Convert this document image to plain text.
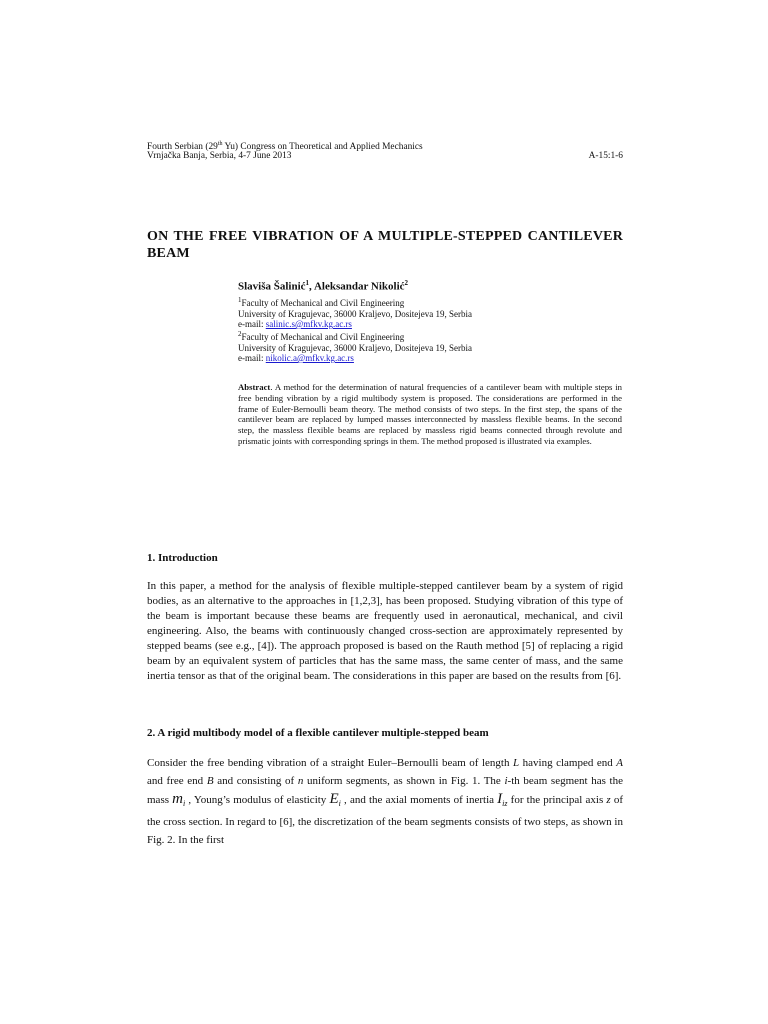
Fourth Serbian (29th Yu) Congress on Theoretical and Applied Mechanics
Vrnjačka Banja, Serbia, 4-7 June 2013	A-15:1-6
ON THE FREE VIBRATION OF A MULTIPLE-STEPPED CANTILEVER BEAM
Slaviša Šalinić$^1$, Aleksandar Nikolić$^2$
$^1$Faculty of Mechanical and Civil Engineering
University of Kragujevac, 36000 Kraljevo, Dositejeva 19, Serbia
e-mail: salinic.s@mfkv.kg.ac.rs
$^2$Faculty of Mechanical and Civil Engineering
University of Kragujevac, 36000 Kraljevo, Dositejeva 19, Serbia
e-mail: nikolic.a@mfkv.kg.ac.rs
Abstract. A method for the determination of natural frequencies of a cantilever beam with multiple steps in free bending vibration by a rigid multibody system is proposed. The considerations are performed in the frame of Euler-Bernoulli beam theory. The method consists of two steps. In the first step, the spans of the cantilever beam are replaced by lumped masses interconnected by massless flexible beams. In the second step, the massless flexible beams are replaced by massless rigid beams connected through revolute and prismatic joints with corresponding springs in them. The method proposed is illustrated via examples.
1. Introduction
In this paper, a method for the analysis of flexible multiple-stepped cantilever beam by a system of rigid bodies, as an alternative to the approaches in [1,2,3], has been proposed. Studying vibration of this type of the beam is important because these beams are frequently used in aeronautical, mechanical, and civil engineering. Also, the beams with continuously changed cross-section are approximately represented by stepped beams (see e.g., [4]). The approach proposed is based on the Rauth method [5] of replacing a rigid beam by an equivalent system of particles that has the same mass, the same center of mass, and the same inertia tensor as that of the original beam. The considerations in this paper are based on the results from [6].
2. A rigid multibody model of a flexible cantilever multiple-stepped beam
Consider the free bending vibration of a straight Euler–Bernoulli beam of length L having clamped end A and free end B and consisting of n uniform segments, as shown in Fig. 1. The i-th beam segment has the mass $m_i$ , Young’s modulus of elasticity $E_i$ , and the axial moments of inertia $I_{iz}$ for the principal axis z of the cross section. In regard to [6], the discretization of the beam segments consists of two steps, as shown in Fig. 2. In the first
